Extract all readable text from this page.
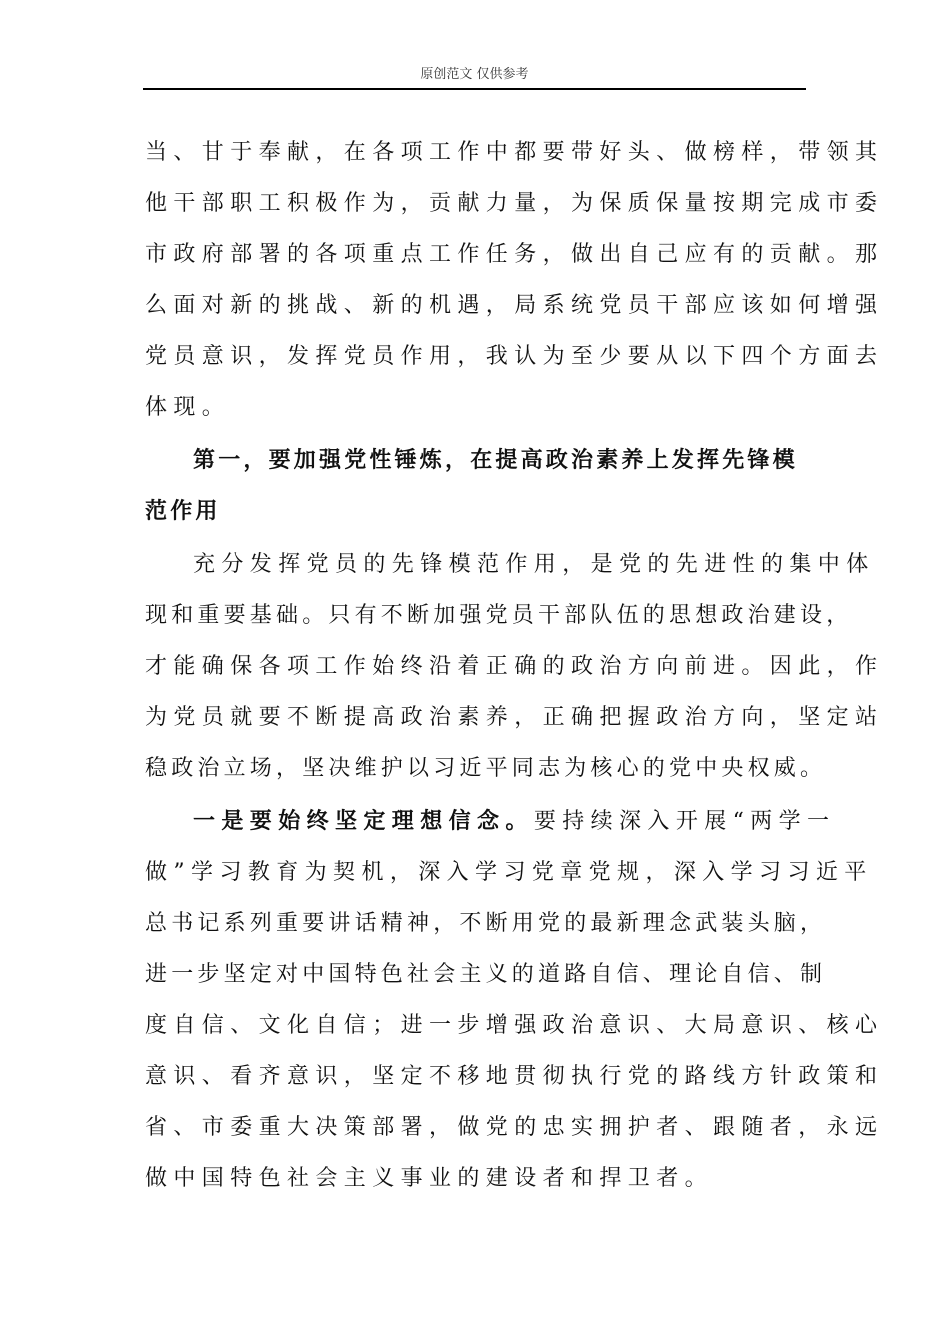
原创范文 仅供参考
当、甘于奉献，在各项工作中都要带好头、做榜样，带领其
他干部职工积极作为，贡献力量，为保质保量按期完成市委
市政府部署的各项重点工作任务，做出自己应有的贡献。那
么面对新的挑战、新的机遇，局系统党员干部应该如何增强
党员意识，发挥党员作用，我认为至少要从以下四个方面去
体现。
第一，要加强党性锤炼，在提高政治素养上发挥先锋模
范作用
充分发挥党员的先锋模范作用，是党的先进性的集中体
现和重要基础。只有不断加强党员干部队伍的思想政治建设，
才能确保各项工作始终沿着正确的政治方向前进。因此，作
为党员就要不断提高政治素养，正确把握政治方向，坚定站
稳政治立场，坚决维护以习近平同志为核心的党中央权威。
一是要始终坚定理想信念。要持续深入开展“两学一
做”学习教育为契机，深入学习党章党规，深入学习习近平
总书记系列重要讲话精神，不断用党的最新理念武装头脑，
进一步坚定对中国特色社会主义的道路自信、理论自信、制
度自信、文化自信；进一步增强政治意识、大局意识、核心
意识、看齐意识，坚定不移地贯彻执行党的路线方针政策和
省、市委重大决策部署，做党的忠实拥护者、跟随者，永远
做中国特色社会主义事业的建设者和捍卫者。
